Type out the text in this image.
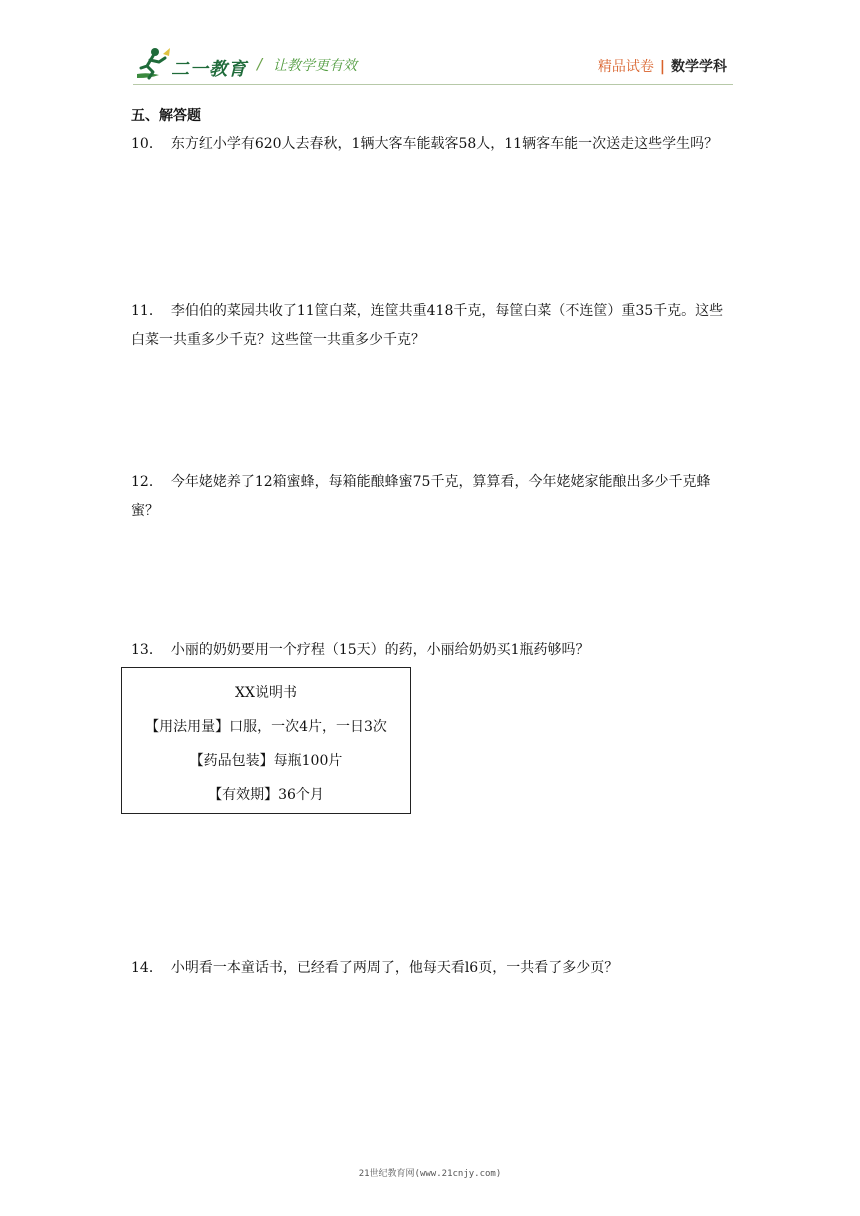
二一教育 / 让教学更有效	精品试卷 | 数学学科
五、解答题
10． 东方红小学有620人去春秋，1辆大客车能载客58人，11辆客车能一次送走这些学生吗？
11． 李伯伯的菜园共收了11筐白菜，连筐共重418千克，每筐白菜（不连筐）重35千克。这些白菜一共重多少千克？这些筐一共重多少千克？
12． 今年姥姥养了12箱蜜蜂，每箱能酿蜂蜜75千克，算算看，今年姥姥家能酿出多少千克蜂蜜？
13． 小丽的奶奶要用一个疗程（15天）的药，小丽给奶奶买1瓶药够吗？
XX说明书
【用法用量】口服，一次4片，一日3次
【药品包装】每瓶100片
【有效期】36个月
14． 小明看一本童话书，已经看了两周了，他每天看l6页，一共看了多少页？
21世纪教育网(www.21cnjy.com)
